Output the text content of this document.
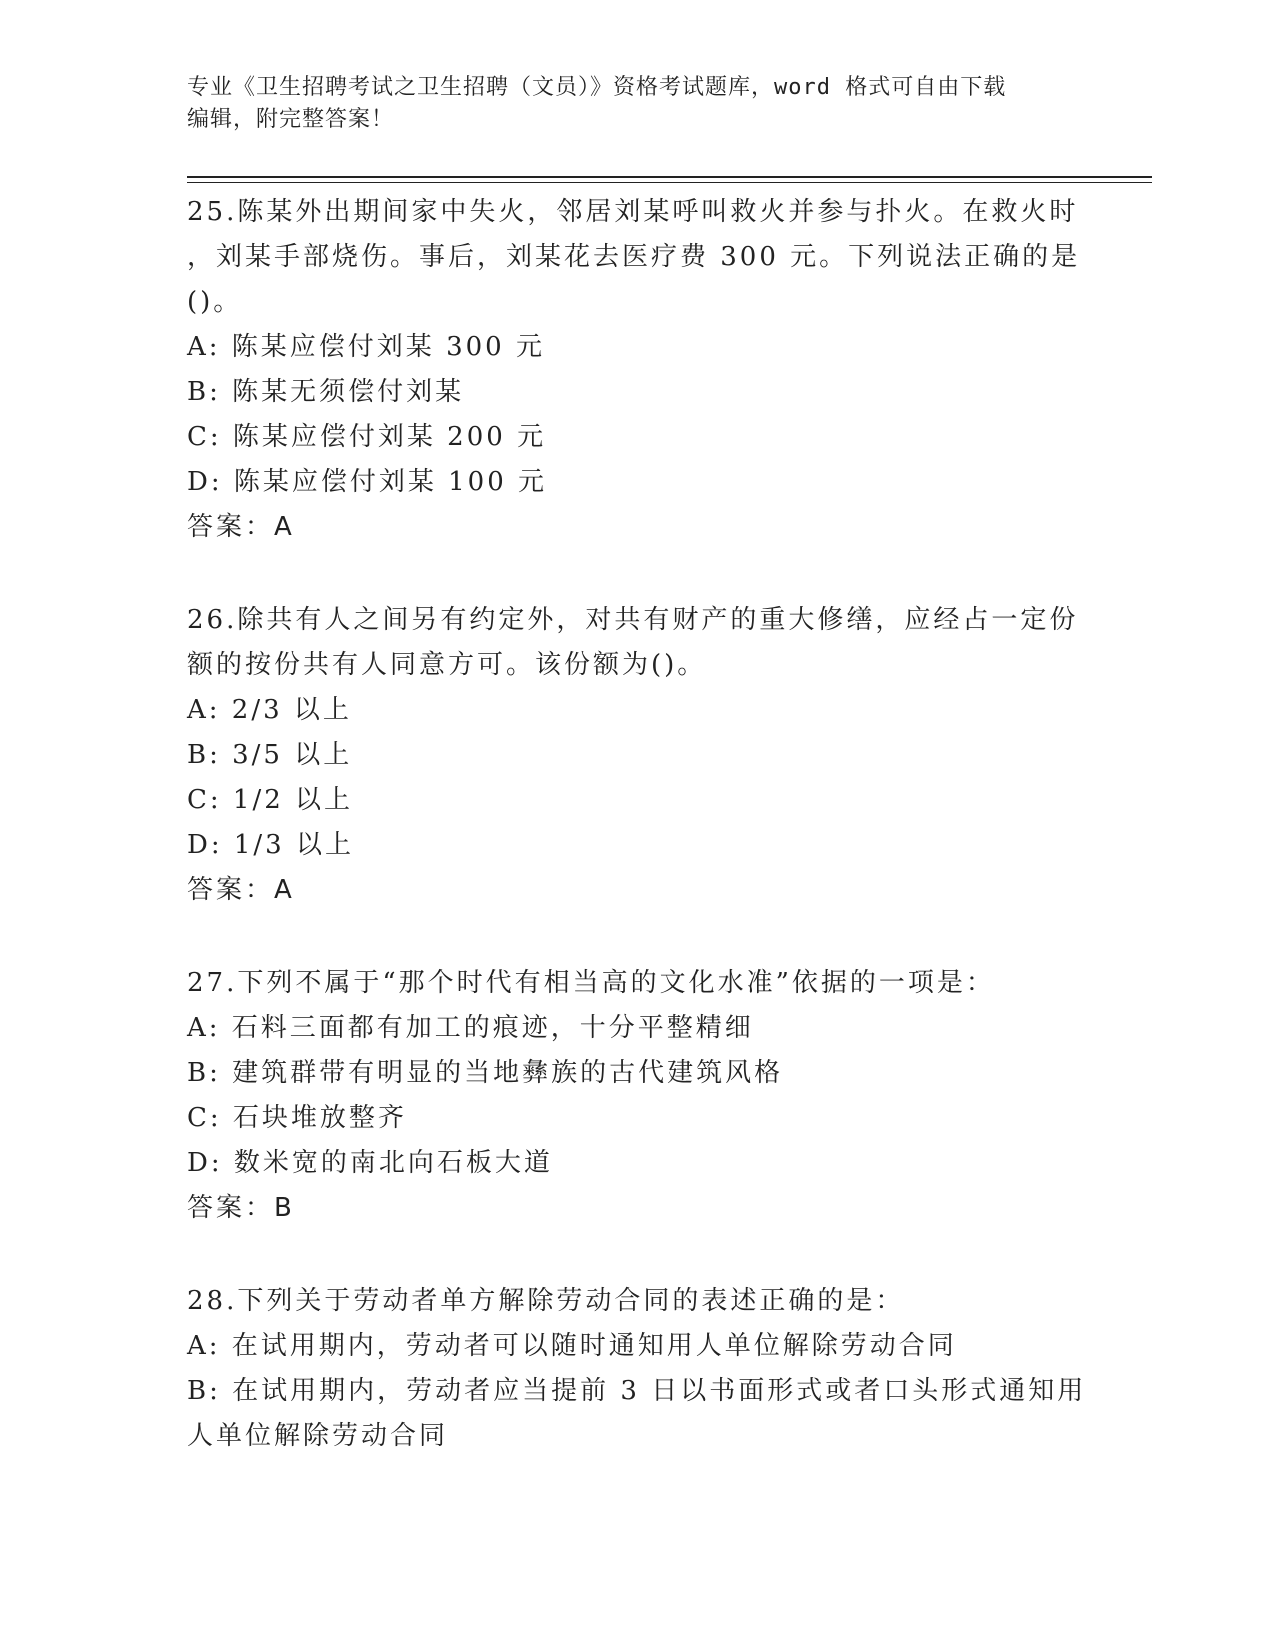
专业《卫生招聘考试之卫生招聘（文员）》资格考试题库，word 格式可自由下载
编辑，附完整答案！

25.陈某外出期间家中失火，邻居刘某呼叫救火并参与扑火。在救火时

，刘某手部烧伤。事后，刘某花去医疗费 300 元。下列说法正确的是

()。

A: 陈某应偿付刘某 300 元

B: 陈某无须偿付刘某

C: 陈某应偿付刘某 200 元

D: 陈某应偿付刘某 100 元

答案：A

26.除共有人之间另有约定外，对共有财产的重大修缮，应经占一定份

额的按份共有人同意方可。该份额为()。

A: 2/3 以上

B: 3/5 以上

C: 1/2 以上

D: 1/3 以上

答案：A

27.下列不属于“那个时代有相当高的文化水准”依据的一项是：

A: 石料三面都有加工的痕迹，十分平整精细

B: 建筑群带有明显的当地彝族的古代建筑风格

C: 石块堆放整齐

D: 数米宽的南北向石板大道

答案：B

28.下列关于劳动者单方解除劳动合同的表述正确的是：

A: 在试用期内，劳动者可以随时通知用人单位解除劳动合同

B: 在试用期内，劳动者应当提前 3 日以书面形式或者口头形式通知用

人单位解除劳动合同
